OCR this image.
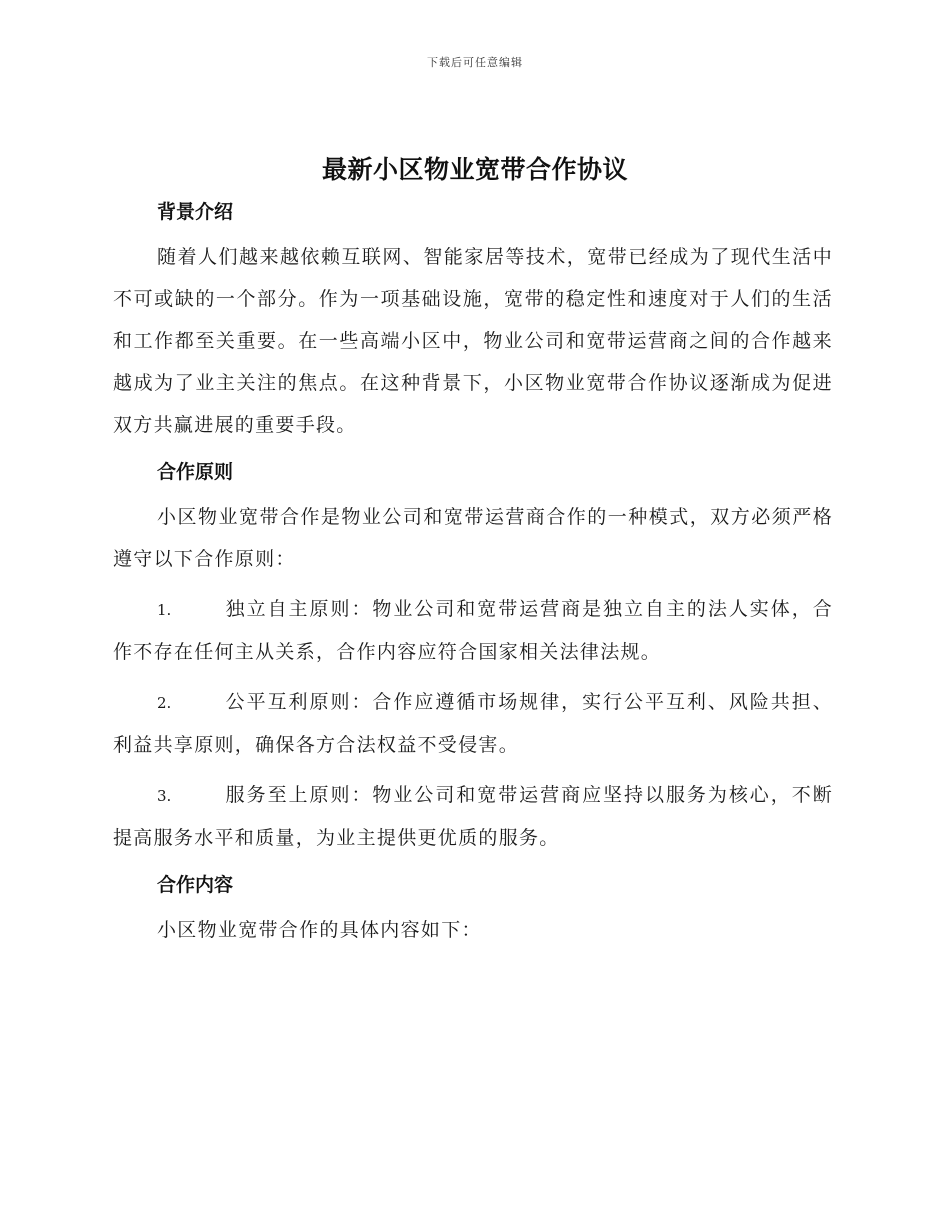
下载后可任意编辑
最新小区物业宽带合作协议
背景介绍

随着人们越来越依赖互联网、智能家居等技术，宽带已经成为了现代生活中不可或缺的一个部分。作为一项基础设施，宽带的稳定性和速度对于人们的生活和工作都至关重要。在一些高端小区中，物业公司和宽带运营商之间的合作越来越成为了业主关注的焦点。在这种背景下，小区物业宽带合作协议逐渐成为促进双方共赢进展的重要手段。

合作原则

小区物业宽带合作是物业公司和宽带运营商合作的一种模式，双方必须严格遵守以下合作原则：

1.	独立自主原则：物业公司和宽带运营商是独立自主的法人实体，合作不存在任何主从关系，合作内容应符合国家相关法律法规。

2.	公平互利原则：合作应遵循市场规律，实行公平互利、风险共担、利益共享原则，确保各方合法权益不受侵害。

3.	服务至上原则：物业公司和宽带运营商应坚持以服务为核心，不断提高服务水平和质量，为业主提供更优质的服务。

合作内容

小区物业宽带合作的具体内容如下：
